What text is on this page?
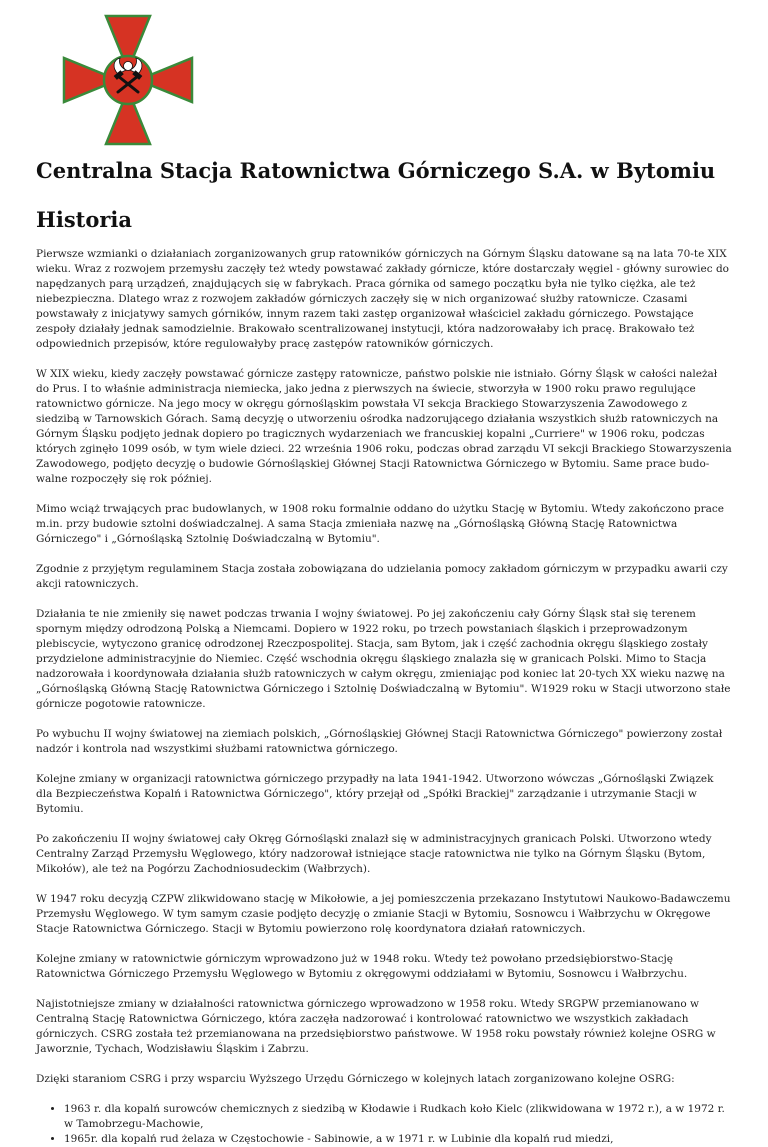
Centralna Stacja Ratownictwa Górniczego S.A. w Bytomiu
Historia

Pierwsze wzmianki o działaniach zorganizowanych grup ratowników górniczych na Górnym Śląsku datowane są na lata 70-te XIX wieku. Wraz z rozwojem przemysłu zaczęły też wtedy powstawać zakłady górnicze, które dostarczały węgiel - główny surowiec do napędzanych parą urządzeń, znajdujących się w fabrykach. Praca górnika od samego początku była nie tylko ciężka, ale też niebezpieczna. Dlatego wraz z rozwojem zakładów górniczych zaczęły się w nich organizować służby ratownicze. Czasami powstawały z inicjatywy samych górników, innym razem taki zastęp organizował właściciel zakładu górniczego. Powstające zespoły działały jednak samodzielnie. Brakowało scentralizowanej instytucji, która nadzorowałaby ich pracę. Brakowało też odpowiednich przepisów, które regulowałyby pracę zastępów ratowników górniczych.

W XIX wieku, kiedy zaczęły powstawać górnicze zastępy ratownicze, państwo polskie nie istniało. Górny Śląsk w całości należał do Prus. I to właśnie administracja niemiecka, jako jedna z pierwszych na świecie, stworzyła w 1900 roku prawo regulujące ratownictwo górnicze. Na jego mocy w okręgu górnośląskim powstała VI sekcja Brackiego Stowarzyszenia Zawodowego z siedzibą w Tarnowskich Górach. Samą decyzję o utworzeniu ośrodka nadzorującego działania wszystkich służb ratowniczych na Górnym Śląsku podjęto jednak dopiero po tragicznych wydarzeniach we francuskiej kopalni „Curriere" w 1906 roku, podczas których zginęło 1099 osób, w tym wiele dzieci. 22 września 1906 roku, podczas obrad zarządu VI sekcji Brackiego Stowarzyszenia Zawodowego, podjęto decyzję o budowie Górnośląskiej Głównej Stacji Ratownictwa Górniczego w Bytomiu. Same prace budo-walne rozpoczęły się rok później.

Mimo wciąż trwających prac budowlanych, w 1908 roku formalnie oddano do użytku Stację w Bytomiu. Wtedy zakończono prace m.in. przy budowie sztolni doświadczalnej. A sama Stacja zmieniała nazwę na „Górnośląską Główną Stację Ratownictwa Górniczego" i „Górnośląską Sztolnię Doświadczalną w Bytomiu".

Zgodnie z przyjętym regulaminem Stacja została zobowiązana do udzielania pomocy zakładom górniczym w przypadku awarii czy akcji ratowniczych.

Działania te nie zmieniły się nawet podczas trwania I wojny światowej. Po jej zakończeniu cały Górny Śląsk stał się terenem spornym między odrodzoną Polską a Niemcami. Dopiero w 1922 roku, po trzech powstaniach śląskich i przeprowadzonym plebiscycie, wytyczono granicę odrodzonej Rzeczpospolitej. Stacja, sam Bytom, jak i część zachodnia okręgu śląskiego zostały przydzielone administracyjnie do Niemiec. Część wschodnia okręgu śląskiego znalazła się w granicach Polski. Mimo to Stacja nadzorowała i koordynowała działania służb ratowniczych w całym okręgu, zmieniając pod koniec lat 20-tych XX wieku nazwę na „Górnośląską Główną Stację Ratownictwa Górniczego i Sztolnię Doświadczalną w Bytomiu". W1929 roku w Stacji utworzono stałe górnicze pogotowie ratownicze.

Po wybuchu II wojny światowej na ziemiach polskich, „Górnośląskiej Głównej Stacji Ratownictwa Górniczego" powierzony został nadzór i kontrola nad wszystkimi służbami ratownictwa górniczego.

Kolejne zmiany w organizacji ratownictwa górniczego przypadły na lata 1941-1942. Utworzono wówczas „Górnośląski Związek dla Bezpieczeństwa Kopalń i Ratownictwa Górniczego", który przejął od „Spółki Brackiej" zarządzanie i utrzymanie Stacji w Bytomiu.

Po zakończeniu II wojny światowej cały Okręg Górnośląski znalazł się w administracyjnych granicach Polski. Utworzono wtedy Centralny Zarząd Przemysłu Węglowego, który nadzorował istniejące stacje ratownictwa nie tylko na Górnym Śląsku (Bytom, Mikołów), ale też na Pogórzu Zachodniosudeckim (Wałbrzych).

W 1947 roku decyzją CZPW zlikwidowano stację w Mikołowie, a jej pomieszczenia przekazano Instytutowi Naukowo-Badawczemu Przemysłu Węglowego. W tym samym czasie podjęto decyzję o zmianie Stacji w Bytomiu, Sosnowcu i Wałbrzychu w Okręgowe Stacje Ratownictwa Górniczego. Stacji w Bytomiu powierzono rolę koordynatora działań ratowniczych.

Kolejne zmiany w ratownictwie górniczym wprowadzono już w 1948 roku. Wtedy też powołano przedsiębiorstwo-Stację Ratownictwa Górniczego Przemysłu Węglowego w Bytomiu z okręgowymi oddziałami w Bytomiu, Sosnowcu i Wałbrzychu.

Najistotniejsze zmiany w działalności ratownictwa górniczego wprowadzono w 1958 roku. Wtedy SRGPW przemianowano w Centralną Stację Ratownictwa Górniczego, która zaczęła nadzorować i kontrolować ratownictwo we wszystkich zakładach górniczych. CSRG została też przemianowana na przedsiębiorstwo państwowe. W 1958 roku powstały również kolejne OSRG w Jaworznie, Tychach, Wodzisławiu Śląskim i Zabrzu.

Dzięki staraniom CSRG i przy wsparciu Wyższego Urzędu Górniczego w kolejnych latach zorganizowano kolejne OSRG:

• 1963 r. dla kopalń surowców chemicznych z siedzibą w Kłodawie i Rudkach koło Kielc (zlikwidowana w 1972 r.), a w 1972 r. w Tamobrzegu-Machowie,
• 1965r. dla kopalń rud żelaza w Częstochowie - Sabinowie, a w 1971 r. w Lubinie dla kopalń rud miedzi,
